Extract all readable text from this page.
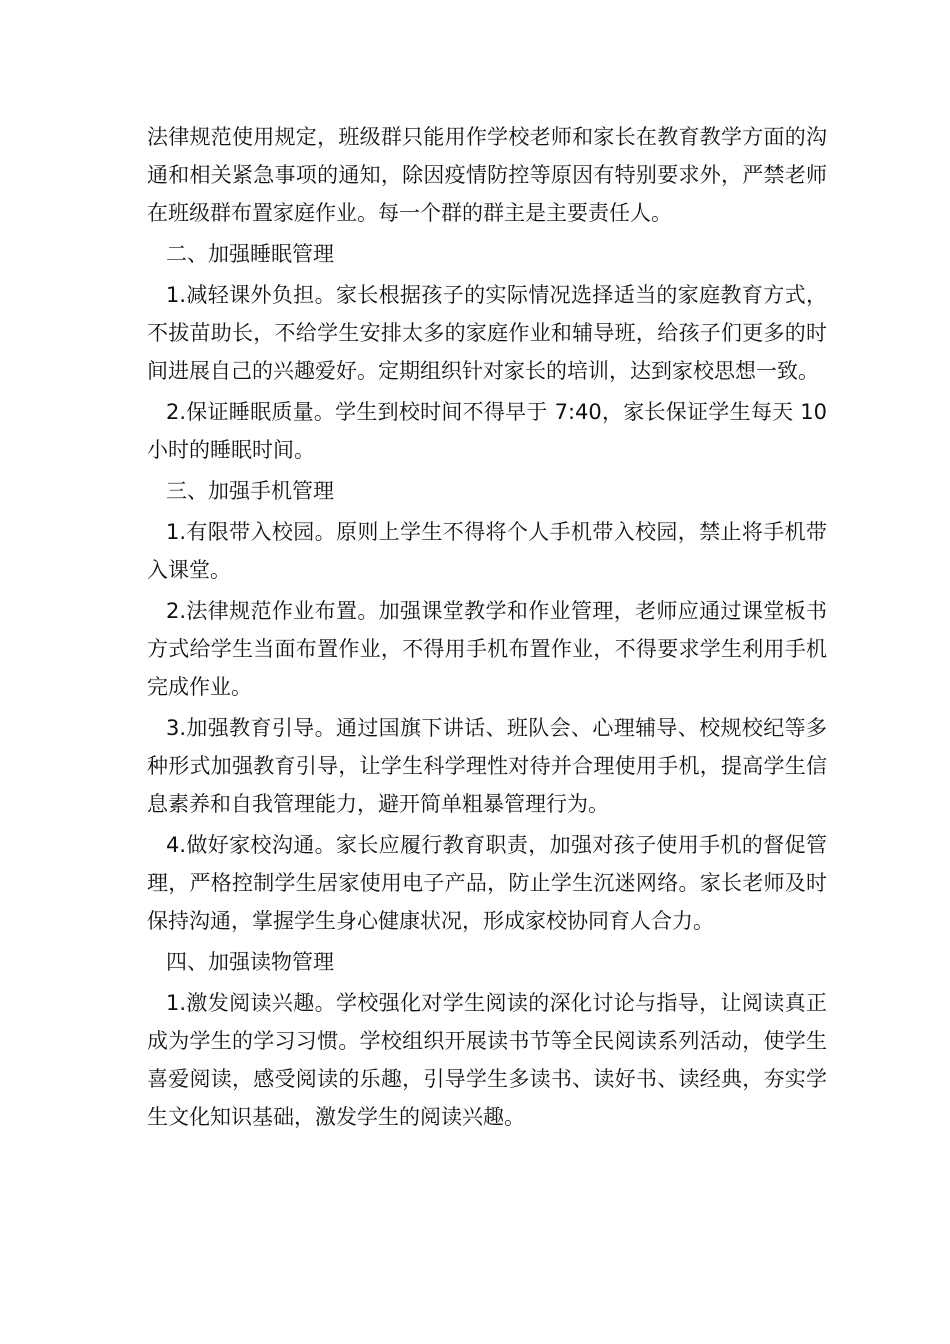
法律规范使用规定，班级群只能用作学校老师和家长在教育教学方面的沟通和相关紧急事项的通知，除因疫情防控等原因有特别要求外，严禁老师在班级群布置家庭作业。每一个群的群主是主要责任人。

二、加强睡眠管理

1.减轻课外负担。家长根据孩子的实际情况选择适当的家庭教育方式，不拔苗助长，不给学生安排太多的家庭作业和辅导班，给孩子们更多的时间进展自己的兴趣爱好。定期组织针对家长的培训，达到家校思想一致。

2.保证睡眠质量。学生到校时间不得早于 7:40，家长保证学生每天 10 小时的睡眠时间。

三、加强手机管理

1.有限带入校园。原则上学生不得将个人手机带入校园，禁止将手机带入课堂。

2.法律规范作业布置。加强课堂教学和作业管理，老师应通过课堂板书方式给学生当面布置作业，不得用手机布置作业，不得要求学生利用手机完成作业。

3.加强教育引导。通过国旗下讲话、班队会、心理辅导、校规校纪等多种形式加强教育引导，让学生科学理性对待并合理使用手机，提高学生信息素养和自我管理能力，避开简单粗暴管理行为。

4.做好家校沟通。家长应履行教育职责，加强对孩子使用手机的督促管理，严格控制学生居家使用电子产品，防止学生沉迷网络。家长老师及时保持沟通，掌握学生身心健康状况，形成家校协同育人合力。

四、加强读物管理

1.激发阅读兴趣。学校强化对学生阅读的深化讨论与指导，让阅读真正成为学生的学习习惯。学校组织开展读书节等全民阅读系列活动，使学生喜爱阅读，感受阅读的乐趣，引导学生多读书、读好书、读经典，夯实学生文化知识基础，激发学生的阅读兴趣。
